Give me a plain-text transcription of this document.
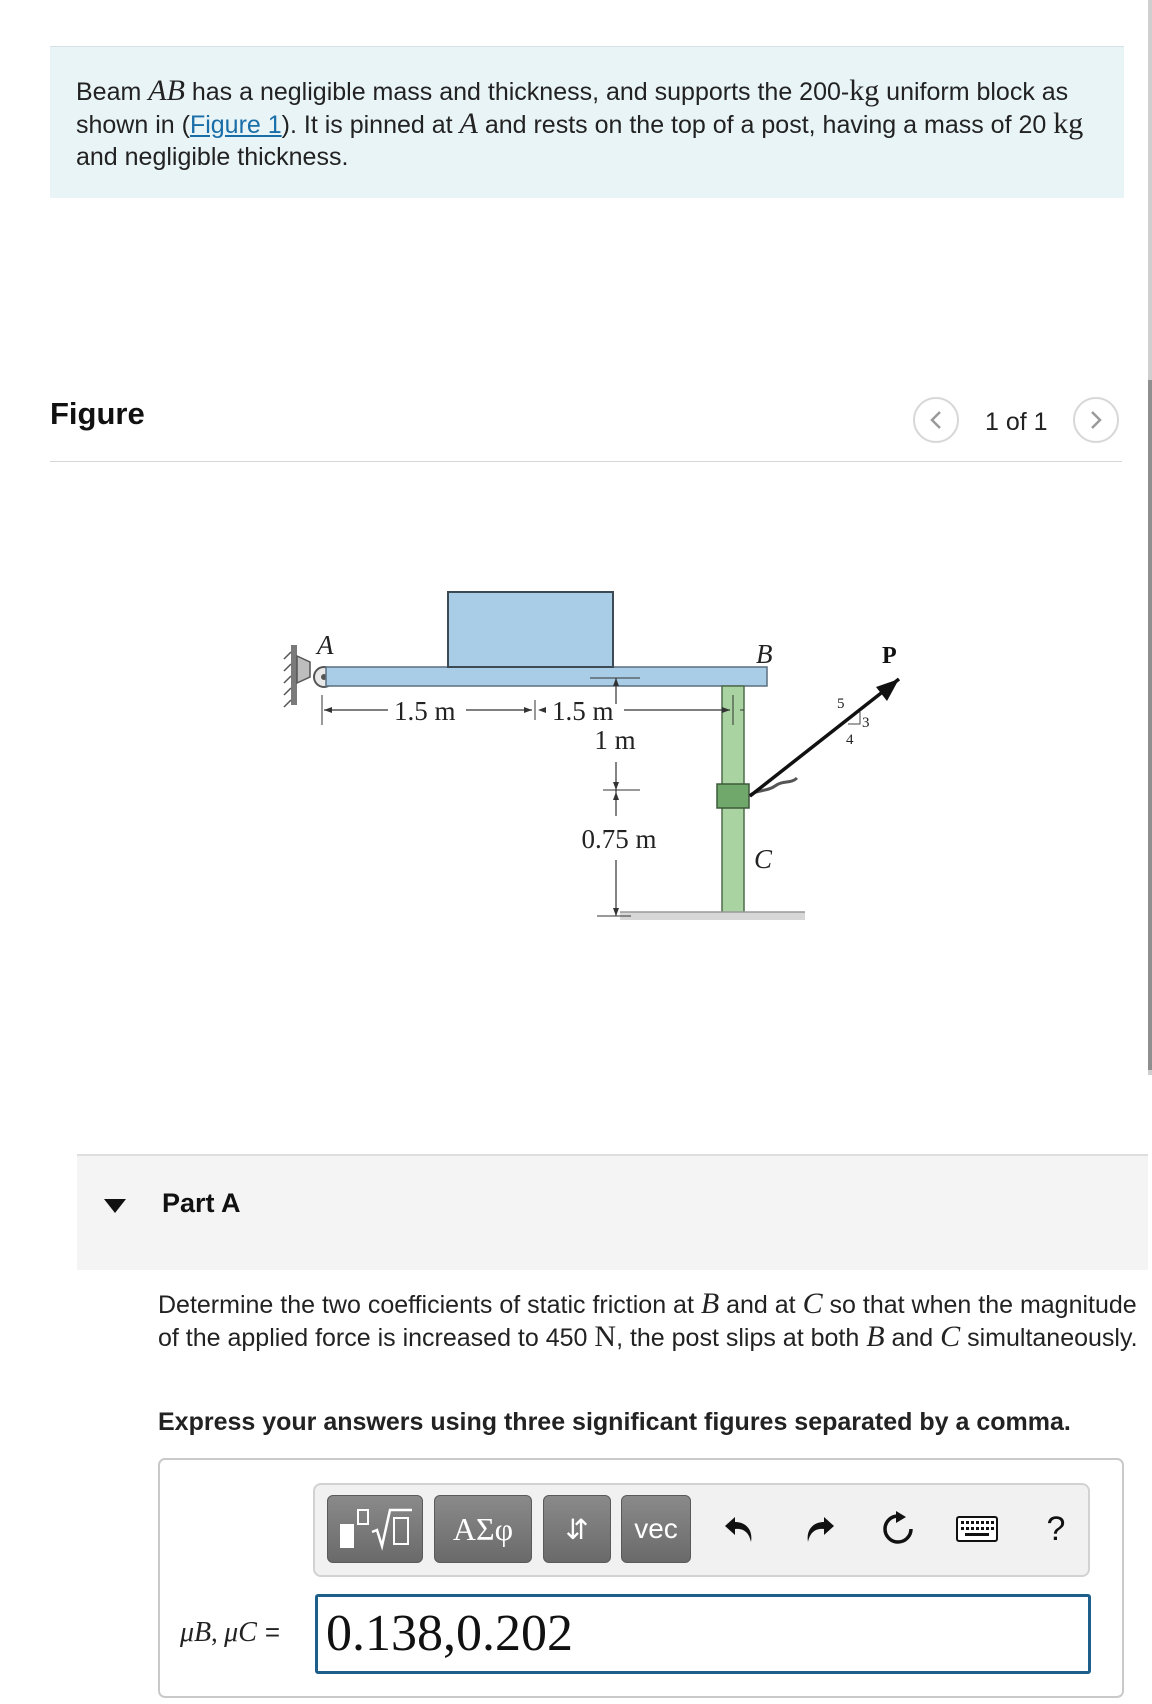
Beam AB has a negligible mass and thickness, and supports the 200-kg uniform block as shown in (Figure 1). It is pinned at A and rests on the top of a post, having a mass of 20 kg and negligible thickness.
Figure	1 of 1
A	P
5
3
4
B
C
1.5 m	1.5 m
1 m
0.75 m
Part A
Determine the two coefficients of static friction at B and at C so that when the magnitude of the applied force is increased to 450 N, the post slips at both B and C simultaneously.
Express your answers using three significant figures separated by a comma.
ΑΣφ	⇵	vec	?
μB, μC = 0.138,0.202
